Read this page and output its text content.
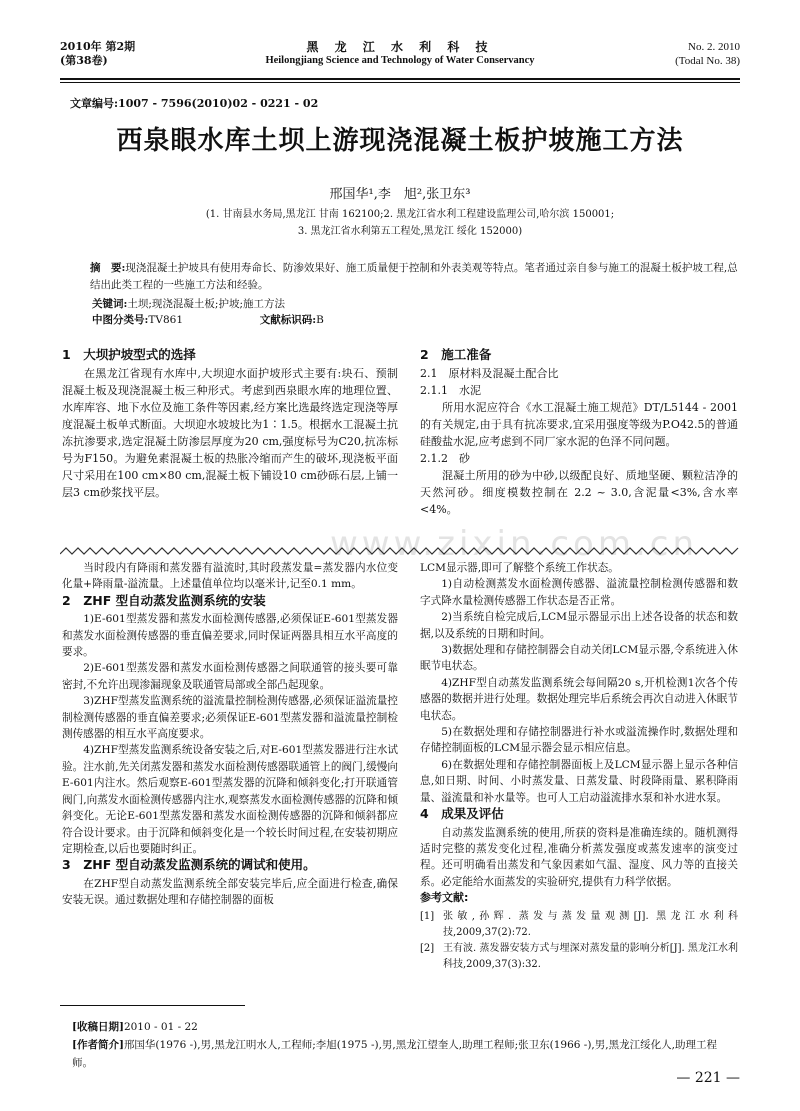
2010年 第2期
(第38卷)
黑 龙 江 水 利 科 技
Heilongjiang Science and Technology of Water Conservancy
No. 2. 2010
(Todal No. 38)
文章编号:1007 - 7596(2010)02 - 0221 - 02
西泉眼水库土坝上游现浇混凝土板护坡施工方法
邢国华¹,李　旭²,张卫东³
(1. 甘南县水务局,黑龙江 甘南 162100;2. 黑龙江省水利工程建设监理公司,哈尔滨 150001;
3. 黑龙江省水利第五工程处,黑龙江 绥化 152000)
摘　要:现浇混凝土护坡具有使用寿命长、防渗效果好、施工质量便于控制和外表美观等特点。笔者通过亲自参与施工的混凝土板护坡工程,总结出此类工程的一些施工方法和经验。
关键词:土坝;现浇混凝土板;护坡;施工方法
中图分类号:TV861	文献标识码:B
1　大坝护坡型式的选择

在黑龙江省现有水库中,大坝迎水面护坡形式主要有:块石、预制混凝土板及现浇混凝土板三种形式。考虑到西泉眼水库的地理位置、水库库容、地下水位及施工条件等因素,经方案比选最终选定现浇等厚度混凝土板单式断面。大坝迎水坡坡比为1∶1.5。根据水工混凝土抗冻抗渗要求,选定混凝土防渗层厚度为20 cm,强度标号为C20,抗冻标号为F150。为避免素混凝土板的热胀冷缩而产生的破坏,现浇板平面尺寸采用在100 cm×80 cm,混凝土板下铺设10 cm砂砾石层,上铺一层3 cm砂浆找平层。

2　施工准备
2.1　原材料及混凝土配合比
2.1.1　水泥

所用水泥应符合《水工混凝土施工规范》DT/L5144 - 2001的有关规定,由于具有抗冻要求,宜采用强度等级为P.O42.5的普通硅酸盐水泥,应考虑到不同厂家水泥的色泽不同问题。

2.1.2　砂

混凝土所用的砂为中砂,以级配良好、质地坚硬、颗粒洁净的天然河砂。细度模数控制在 2.2 ~ 3.0,含泥量<3%,含水率<4%。

www.zixin.com.cn

当时段内有降雨和蒸发器有溢流时,其时段蒸发量=蒸发器内水位变化量+降雨量-溢流量。上述量值单位均以毫米计,记至0.1 mm。

2　ZHF 型自动蒸发监测系统的安装

1)E-601型蒸发器和蒸发水面检测传感器,必须保证E-601型蒸发器和蒸发水面检测传感器的垂直偏差要求,同时保证两器具相互水平高度的要求。

2)E-601型蒸发器和蒸发水面检测传感器之间联通管的接头要可靠密封,不允许出现渗漏现象及联通管局部或全部凸起现象。

3)ZHF型蒸发监测系统的溢流量控制检测传感器,必须保证溢流量控制检测传感器的垂直偏差要求;必须保证E-601型蒸发器和溢流量控制检测传感器的相互水平高度要求。

4)ZHF型蒸发监测系统设备安装之后,对E-601型蒸发器进行注水试验。注水前,先关闭蒸发器和蒸发水面检测传感器联通管上的阀门,缓慢向E-601内注水。然后观察E-601型蒸发器的沉降和倾斜变化;打开联通管阀门,向蒸发水面检测传感器内注水,观察蒸发水面检测传感器的沉降和倾斜变化。无论E-601型蒸发器和蒸发水面检测传感器的沉降和倾斜都应符合设计要求。由于沉降和倾斜变化是一个较长时间过程,在安装初期应定期检查,以后也要随时纠正。

3　ZHF 型自动蒸发监测系统的调试和使用。

在ZHF型自动蒸发监测系统全部安装完毕后,应全面进行检查,确保安装无误。通过数据处理和存储控制器的面板

LCM显示器,即可了解整个系统工作状态。

1)自动检测蒸发水面检测传感器、溢流量控制检测传感器和数字式降水量检测传感器工作状态是否正常。

2)当系统自检完成后,LCM显示器显示出上述各设备的状态和数据,以及系统的日期和时间。

3)数据处理和存储控制器会自动关闭LCM显示器,令系统进入休眠节电状态。

4)ZHF型自动蒸发监测系统会每间隔20 s,开机检测1次各个传感器的数据并进行处理。数据处理完毕后系统会再次自动进入休眠节电状态。

5)在数据处理和存储控制器进行补水或溢流操作时,数据处理和存储控制面板的LCM显示器会显示相应信息。

6)在数据处理和存储控制器面板上及LCM显示器上显示各种信息,如日期、时间、小时蒸发量、日蒸发量、时段降雨量、累积降雨量、溢流量和补水量等。也可人工启动溢流排水泵和补水进水泵。

4　成果及评估

自动蒸发监测系统的使用,所获的资料是准确连续的。随机测得适时完整的蒸发变化过程,准确分析蒸发强度或蒸发速率的演变过程。还可明确看出蒸发和气象因素如气温、湿度、风力等的直接关系。必定能给水面蒸发的实验研究,提供有力科学依据。

参考文献:

[1] 张敏,孙辉. 蒸发与蒸发量观测[J]. 黑龙江水利科技,2009,37(2):72.

[2] 王有波. 蒸发器安装方式与埋深对蒸发量的影响分析[J]. 黑龙江水利科技,2009,37(3):32.

[收稿日期]2010 - 01 - 22
[作者简介]邢国华(1976 -),男,黑龙江明水人,工程师;李旭(1975 -),男,黑龙江望奎人,助理工程师;张卫东(1966 -),男,黑龙江绥化人,助理工程师。
— 221 —
